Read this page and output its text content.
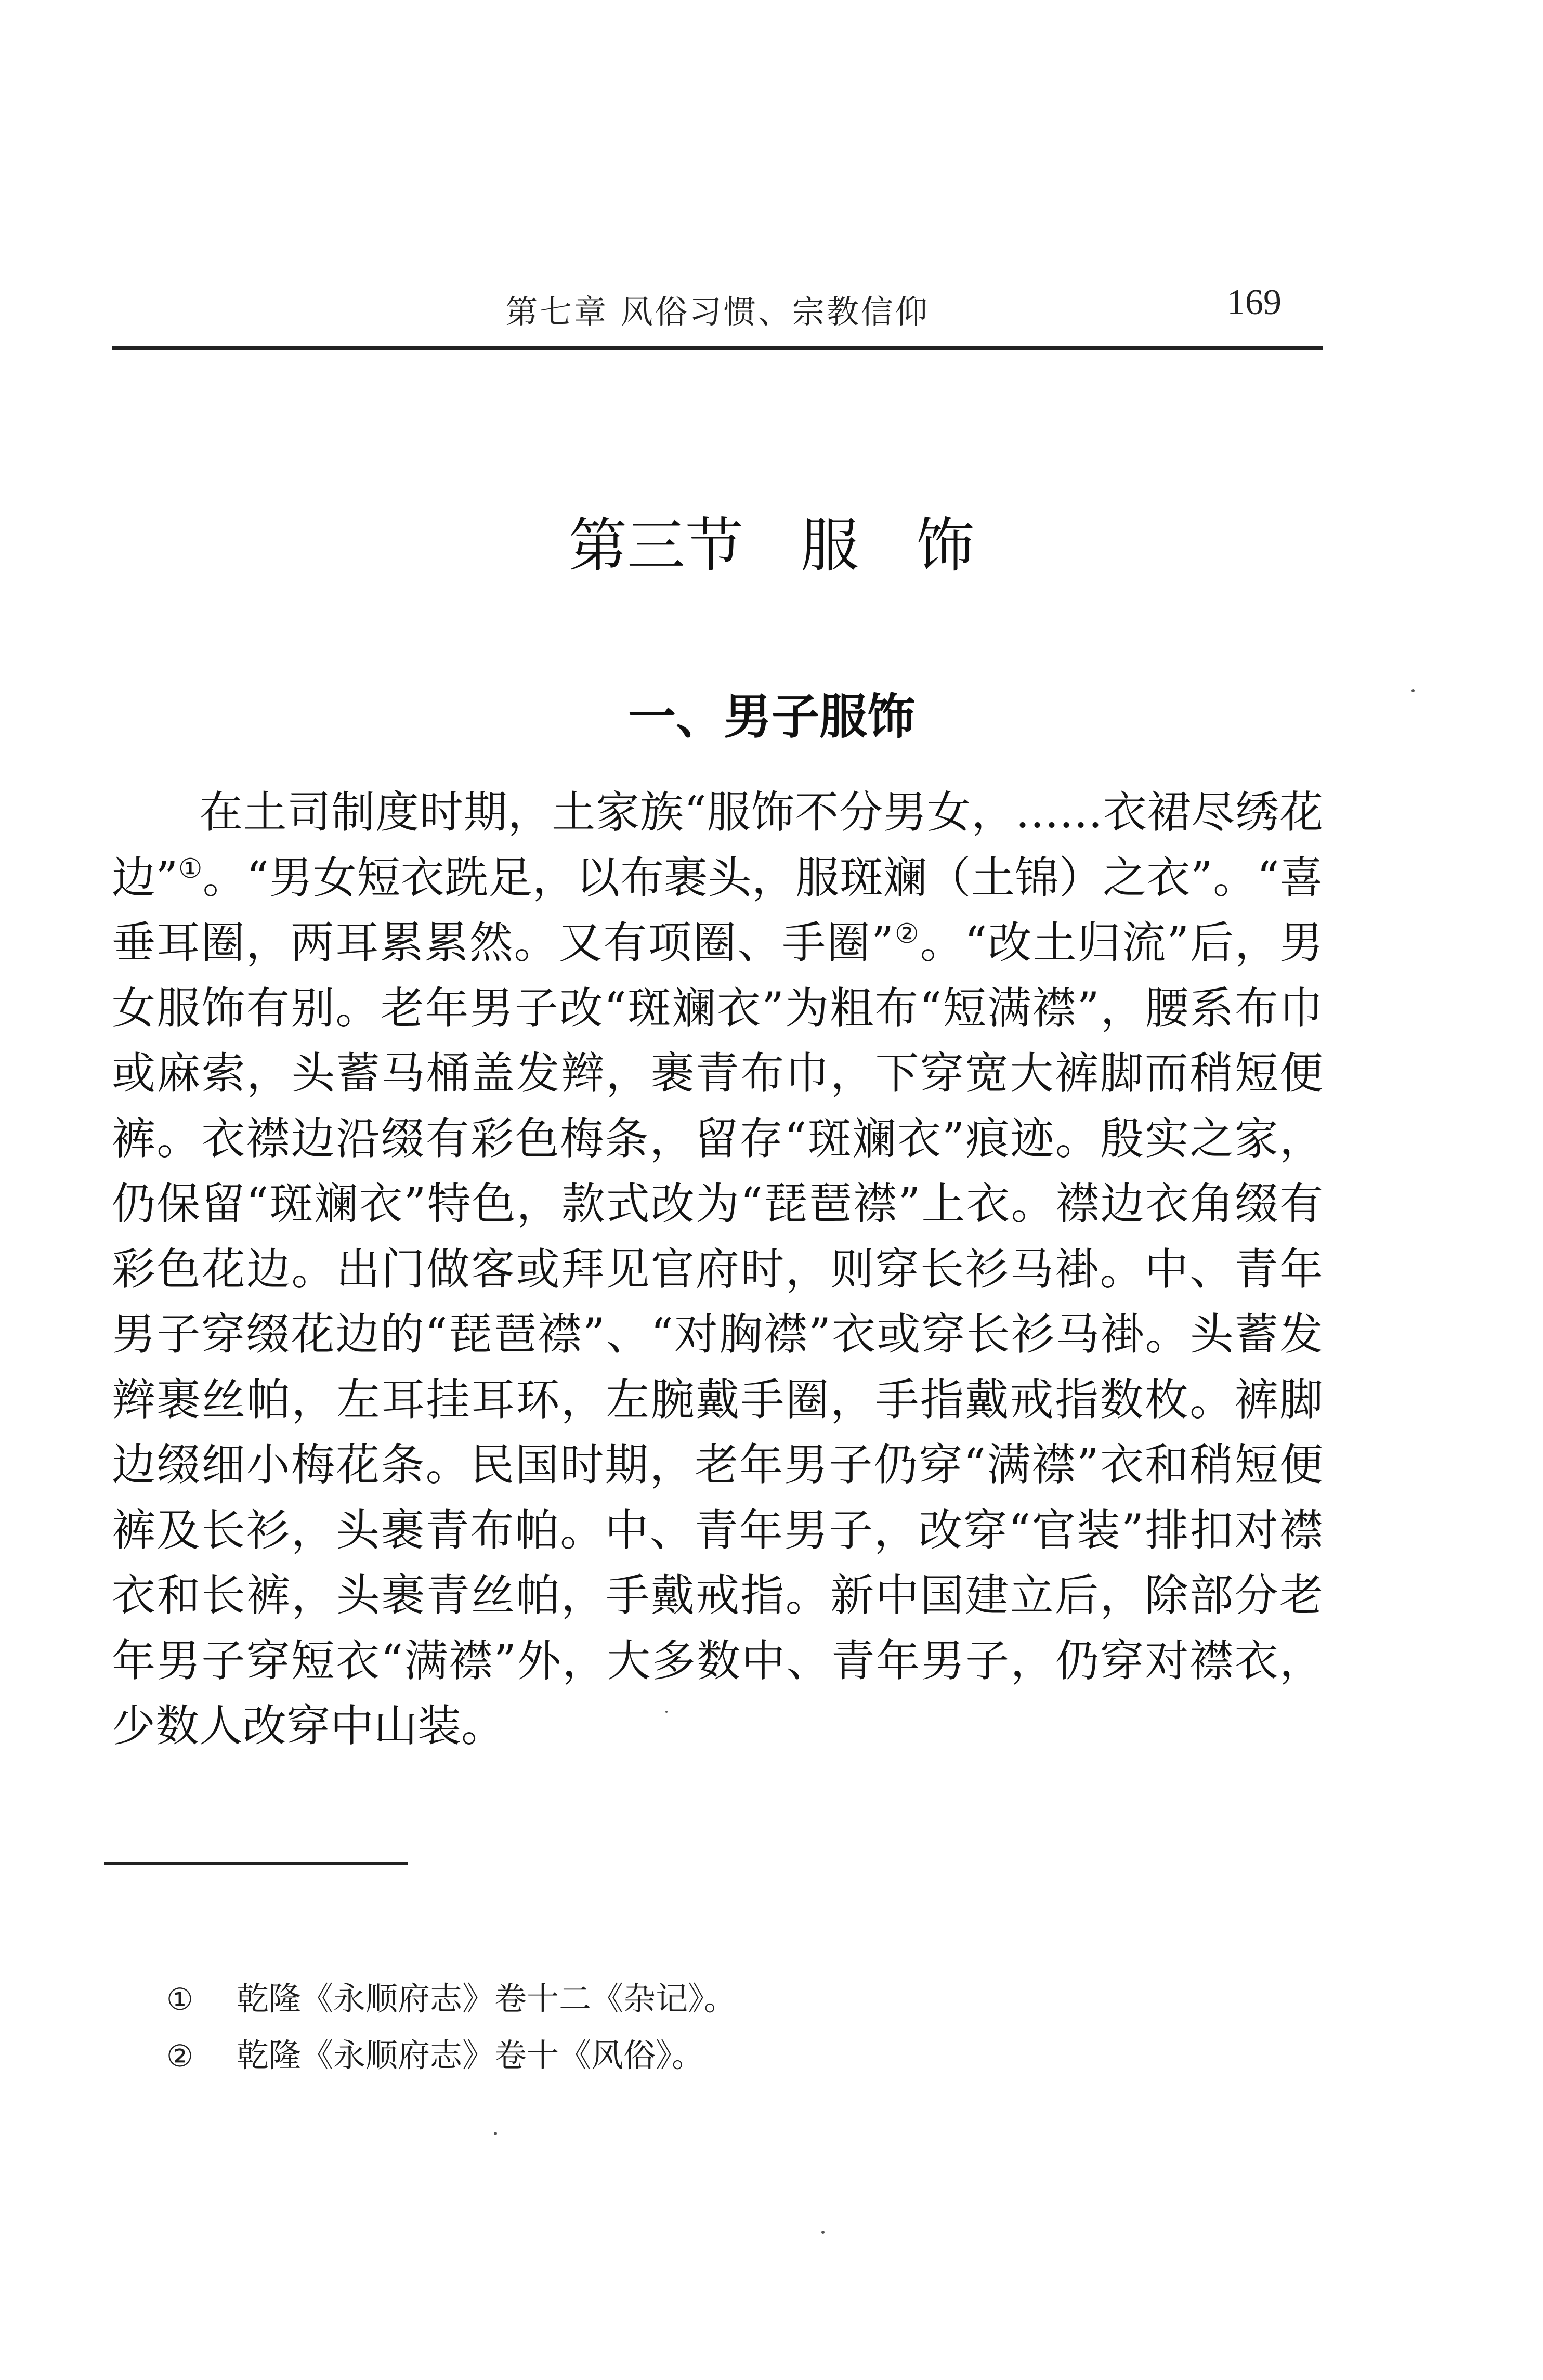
第七章 风俗习惯、宗教信仰	169
第三节 服 饰
一、男子服饰

在土司制度时期，土家族“服饰不分男女，……衣裙尽绣花边”①。“男女短衣跣足，以布裹头，服斑斓（土锦）之衣”。“喜垂耳圈，两耳累累然。又有项圈、手圈”②。“改土归流”后，男女服饰有别。老年男子改“斑斓衣”为粗布“短满襟”，腰系布巾或麻索，头蓄马桶盖发辫，裹青布巾，下穿宽大裤脚而稍短便裤。衣襟边沿缀有彩色梅条，留存“斑斓衣”痕迹。殷实之家，仍保留“斑斓衣”特色，款式改为“琵琶襟”上衣。襟边衣角缀有彩色花边。出门做客或拜见官府时，则穿长衫马褂。中、青年男子穿缀花边的“琵琶襟”、“对胸襟”衣或穿长衫马褂。头蓄发辫裹丝帕，左耳挂耳环，左腕戴手圈，手指戴戒指数枚。裤脚边缀细小梅花条。民国时期，老年男子仍穿“满襟”衣和稍短便裤及长衫，头裹青布帕。中、青年男子，改穿“官装”排扣对襟衣和长裤，头裹青丝帕，手戴戒指。新中国建立后，除部分老年男子穿短衣“满襟”外，大多数中、青年男子，仍穿对襟衣，少数人改穿中山装。

①	乾隆《永顺府志》卷十二《杂记》。
②	乾隆《永顺府志》卷十《风俗》。
